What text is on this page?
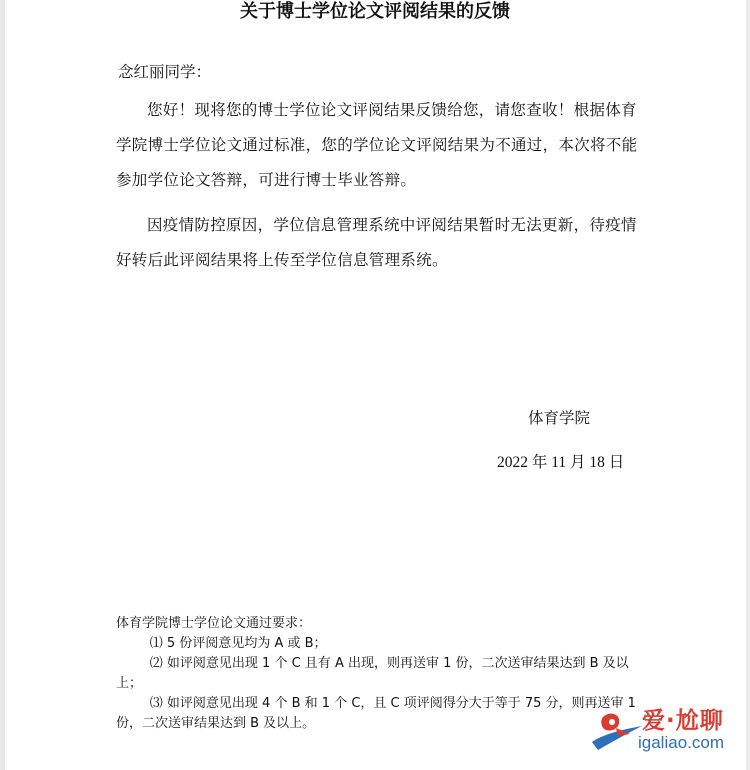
关于博士学位论文评阅结果的反馈
念红丽同学：

您好！现将您的博士学位论文评阅结果反馈给您，请您查收！根据体育学院博士学位论文通过标准，您的学位论文评阅结果为不通过，本次将不能参加学位论文答辩，可进行博士毕业答辩。

因疫情防控原因，学位信息管理系统中评阅结果暂时无法更新，待疫情好转后此评阅结果将上传至学位信息管理系统。

体育学院
2022 年 11 月 18 日

体育学院博士学位论文通过要求：

⑴ 5 份评阅意见均为 A 或 B；

⑵ 如评阅意见出现 1 个 C 且有 A 出现，则再送审 1 份，二次送审结果达到 B 及以上；

⑶ 如评阅意见出现 4 个 B 和 1 个 C，且 C 项评阅得分大于等于 75 分，则再送审 1 份，二次送审结果达到 B 及以上。	爱·尬聊
igaliao.com
